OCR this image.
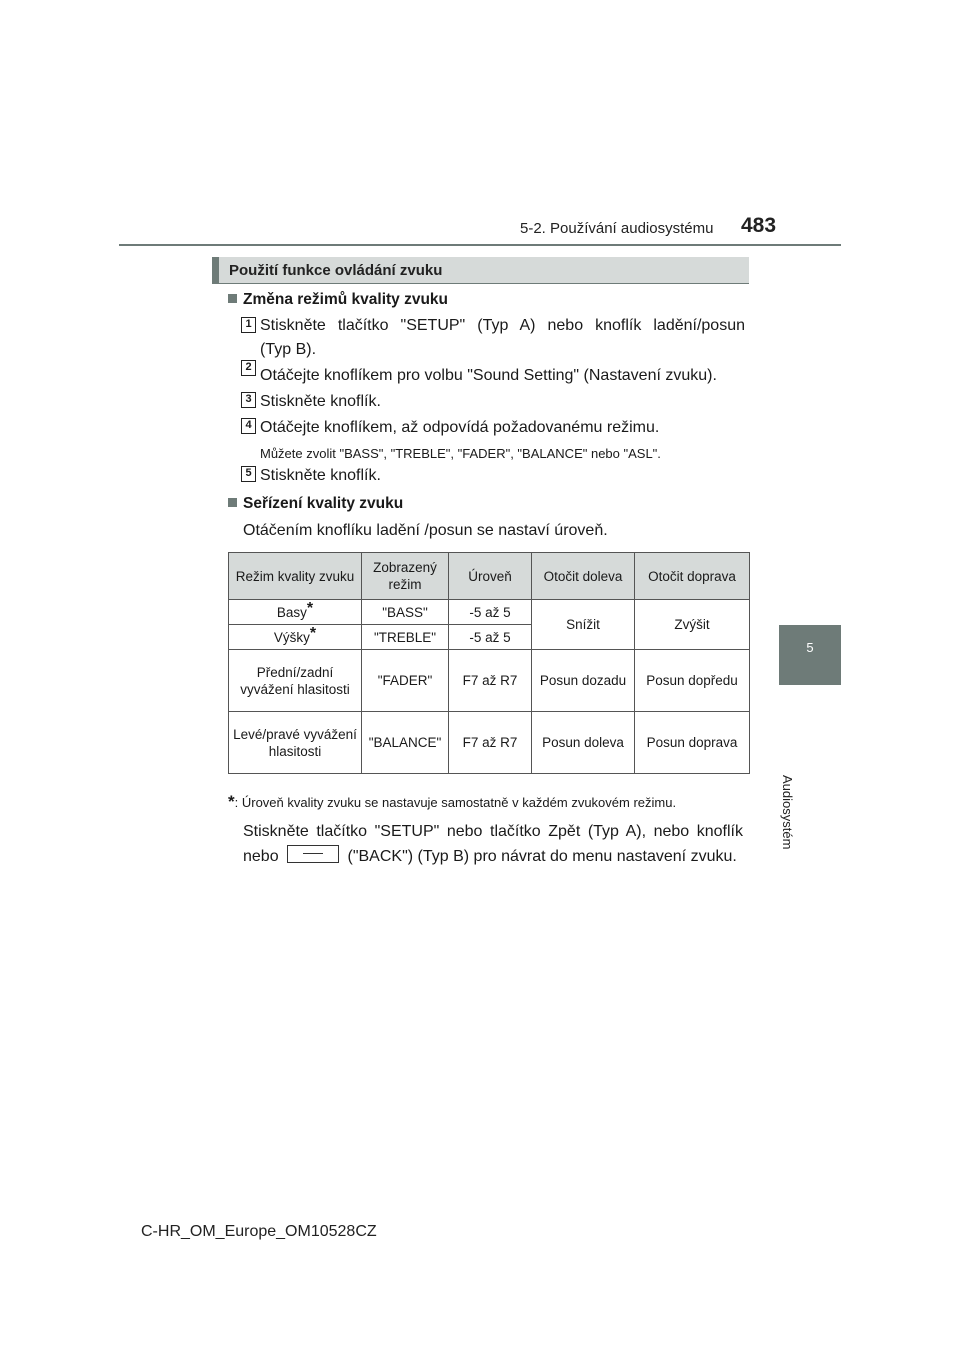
5-2. Používání audiosystému 483
5
Audiosystém
Použití funkce ovládání zvuku
Změna režimů kvality zvuku
1 Stiskněte tlačítko "SETUP" (Typ A) nebo knoflík ladění/posun
(Typ B).
2 Otáčejte knoflíkem pro volbu "Sound Setting" (Nastavení zvuku).
3 Stiskněte knoflík.
4 Otáčejte knoflíkem, až odpovídá požadovanému režimu.
Můžete zvolit "BASS", "TREBLE", "FADER", "BALANCE" nebo "ASL".
5 Stiskněte knoflík.
Seřízení kvality zvuku
Otáčením knoflíku ladění /posun se nastaví úroveň.
Režim kvality zvuku	Zobrazený režim	Úroveň	Otočit doleva	Otočit doprava
Basy*	"BASS"	-5 až 5	Snížit	Zvýšit
Výšky*	"TREBLE"	-5 až 5		
Přední/zadní vyvážení hlasitosti	"FADER"	F7 až R7	Posun dozadu	Posun dopředu
Levé/pravé vyvážení hlasitosti	"BALANCE"	F7 až R7	Posun doleva	Posun doprava
*: Úroveň kvality zvuku se nastavuje samostatně v každém zvukovém režimu.
Stiskněte tlačítko "SETUP" nebo tlačítko Zpět (Typ A), nebo knoflík
nebo	("BACK") (Typ B) pro návrat do menu nastavení zvuku.
C-HR_OM_Europe_OM10528CZ
